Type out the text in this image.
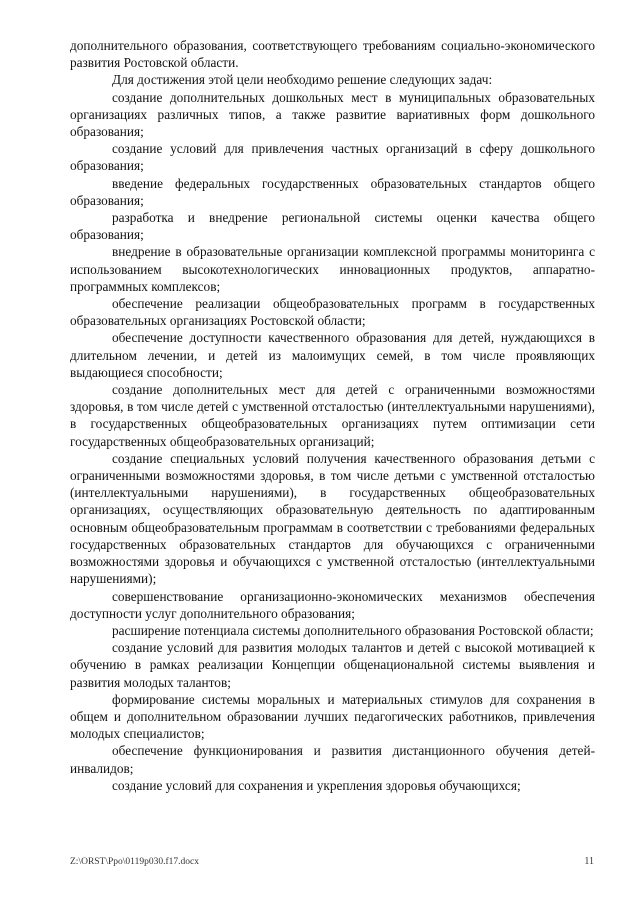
дополнительного образования, соответствующего требованиям социально-экономического развития Ростовской области.

Для достижения этой цели необходимо решение следующих задач:

создание дополнительных дошкольных мест в муниципальных образовательных организациях различных типов, а также развитие вариативных форм дошкольного образования;

создание условий для привлечения частных организаций в сферу дошкольного образования;

введение федеральных государственных образовательных стандартов общего образования;

разработка и внедрение региональной системы оценки качества общего образования;

внедрение в образовательные организации комплексной программы мониторинга с использованием высокотехнологических инновационных продуктов, аппаратно-программных комплексов;

обеспечение реализации общеобразовательных программ в государственных образовательных организациях Ростовской области;

обеспечение доступности качественного образования для детей, нуждающихся в длительном лечении, и детей из малоимущих семей, в том числе проявляющих выдающиеся способности;

создание дополнительных мест для детей с ограниченными возможностями здоровья, в том числе детей с умственной отсталостью (интеллектуальными нарушениями), в государственных общеобразовательных организациях путем оптимизации сети государственных общеобразовательных организаций;

создание специальных условий получения качественного образования детьми с ограниченными возможностями здоровья, в том числе детьми с умственной отсталостью (интеллектуальными нарушениями), в государственных общеобразовательных организациях, осуществляющих образовательную деятельность по адаптированным основным общеобразовательным программам в соответствии с требованиями федеральных государственных образовательных стандартов для обучающихся с ограниченными возможностями здоровья и обучающихся с умственной отсталостью (интеллектуальными нарушениями);

совершенствование организационно-экономических механизмов обеспечения доступности услуг дополнительного образования;

расширение потенциала системы дополнительного образования Ростовской области;

создание условий для развития молодых талантов и детей с высокой мотивацией к обучению в рамках реализации Концепции общенациональной системы выявления и развития молодых талантов;

формирование системы моральных и материальных стимулов для сохранения в общем и дополнительном образовании лучших педагогических работников, привлечения молодых специалистов;

обеспечение функционирования и развития дистанционного обучения детей-инвалидов;

создание условий для сохранения и укрепления здоровья обучающихся;

Z:\ORST\Ppo\0119p030.f17.docx	11
